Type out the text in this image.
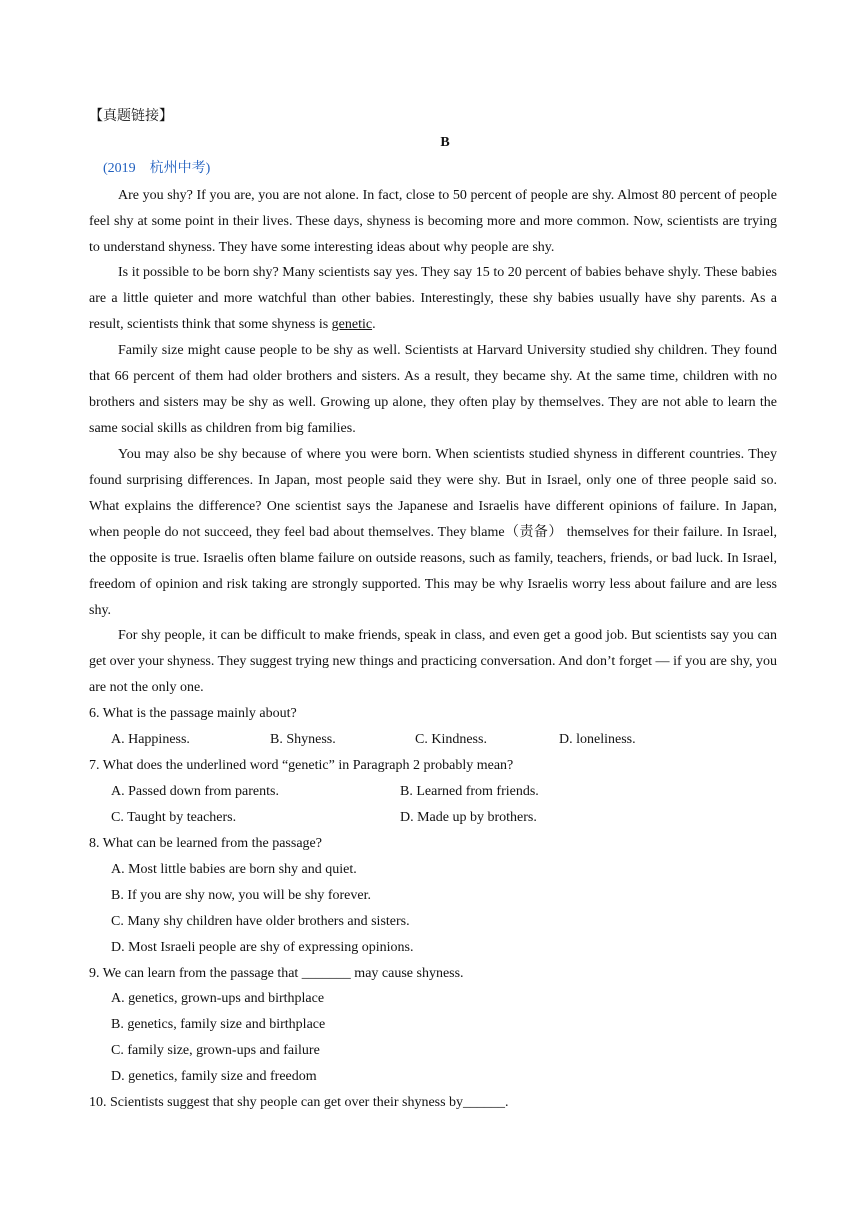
【真题链接】
B
(2019　杭州中考)

Are you shy? If you are, you are not alone. In fact, close to 50 percent of people are shy. Almost 80 percent of people feel shy at some point in their lives. These days, shyness is becoming more and more common. Now, scientists are trying to understand shyness. They have some interesting ideas about why people are shy.

Is it possible to be born shy? Many scientists say yes. They say 15 to 20 percent of babies behave shyly. These babies are a little quieter and more watchful than other babies. Interestingly, these shy babies usually have shy parents. As a result, scientists think that some shyness is genetic.

Family size might cause people to be shy as well. Scientists at Harvard University studied shy children. They found that 66 percent of them had older brothers and sisters. As a result, they became shy. At the same time, children with no brothers and sisters may be shy as well. Growing up alone, they often play by themselves. They are not able to learn the same social skills as children from big families.

You may also be shy because of where you were born. When scientists studied shyness in different countries. They found surprising differences. In Japan, most people said they were shy. But in Israel, only one of three people said so. What explains the difference? One scientist says the Japanese and Israelis have different opinions of failure. In Japan, when people do not succeed, they feel bad about themselves. They blame（责备） themselves for their failure. In Israel, the opposite is true. Israelis often blame failure on outside reasons, such as family, teachers, friends, or bad luck. In Israel, freedom of opinion and risk taking are strongly supported. This may be why Israelis worry less about failure and are less shy.

For shy people, it can be difficult to make friends, speak in class, and even get a good job. But scientists say you can get over your shyness. They suggest trying new things and practicing conversation. And don’t forget — if you are shy, you are not the only one.

6. What is the passage mainly about?
A. Happiness.	B. Shyness.	C. Kindness.	D. loneliness.
7. What does the underlined word “genetic” in Paragraph 2 probably mean?
A. Passed down from parents.	B. Learned from friends.
C. Taught by teachers.	D. Made up by brothers.
8. What can be learned from the passage?
A. Most little babies are born shy and quiet.
B. If you are shy now, you will be shy forever.
C. Many shy children have older brothers and sisters.
D. Most Israeli people are shy of expressing opinions.
9. We can learn from the passage that _______ may cause shyness.
A. genetics, grown-ups and birthplace
B. genetics, family size and birthplace
C. family size, grown-ups and failure
D. genetics, family size and freedom
10. Scientists suggest that shy people can get over their shyness by______.
